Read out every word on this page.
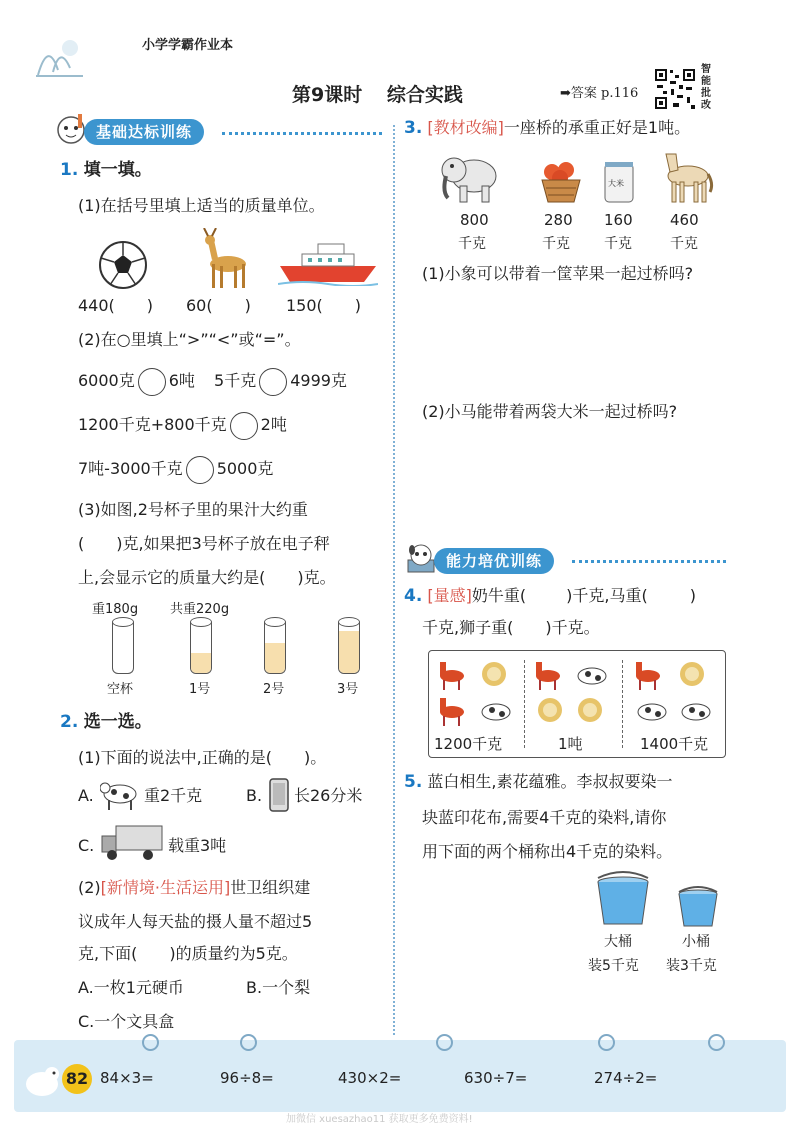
小学学霸作业本
第9课时 综合实践	➡答案 p.116
智
能
批
改
基础达标训练
1. 填一填。
(1)在括号里填上适当的质量单位。
440(　　) 60(　　) 150(　　)
(2)在○里填上“>”“<”或“=”。
6000克 6吨 5千克 4999克
1200千克+800千克 2吨
7吨-3000千克 5000克
(3)如图,2号杯子里的果汁大约重
(　　)克,如果把3号杯子放在电子秤
上,会显示它的质量大约是(　　)克。
重180g 共重220g
空杯	1号	2号	3号
2. 选一选。
(1)下面的说法中,正确的是(　　)。
A.	重2千克	B. 长26分米
C.	载重3吨
(2)[新情境·生活运用]世卫组织建
议成年人每天盐的摄人量不超过5
克,下面(　　)的质量约为5克。
A.一枚1元硬币	B.一个梨
C.一个文具盒
3. [教材改编]一座桥的承重正好是1吨。
大米
800	280 160 460
千克	千克 千克	千克
(1)小象可以带着一筐苹果一起过桥吗?
(2)小马能带着两袋大米一起过桥吗?
能力培优训练
4. [量感]奶牛重(	)千克,马重(	)
千克,狮子重(　　)千克。
1200千克	1吨	1400千克
5. 蓝白相生,素花蕴雅。李叔叔要染一
块蓝印花布,需要4千克的染料,请你
用下面的两个桶称出4千克的染料。
大桶	小桶
装5千克 装3千克
82 84×3=	96÷8=	430×2=	630÷7=	274÷2=
加微信 xuesazhao11 获取更多免费资料!
